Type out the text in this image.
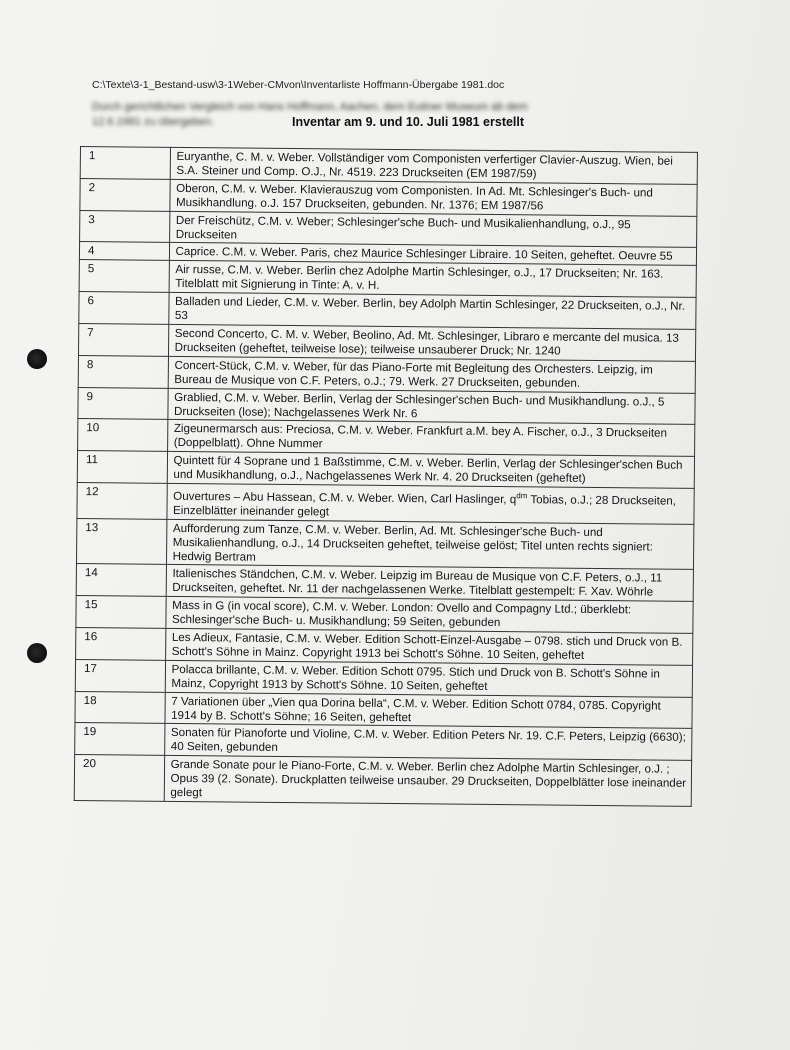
C:\Texte\3-1_Bestand-usw\3-1Weber-CMvon\Inventarliste Hoffmann-Übergabe 1981.doc
Durch gerichtlichen Vergleich von Hans Hoffmann, Aachen, dem Eutiner Museum ab dem 12.6.1981 zu übergeben.	Inventar am 9. und 10. Juli 1981 erstellt
1	Euryanthe, C. M. v. Weber. Vollständiger vom Componisten verfertiger Clavier-Auszug. Wien, bei S.A. Steiner und Comp. O.J., Nr. 4519. 223 Druckseiten (EM 1987/59)
2	Oberon, C.M. v. Weber. Klavierauszug vom Componisten. In Ad. Mt. Schlesinger's Buch- und Musikhandlung. o.J. 157 Druckseiten, gebunden. Nr. 1376; EM 1987/56
3	Der Freischütz, C.M. v. Weber; Schlesinger'sche Buch- und Musikalienhandlung, o.J., 95 Druckseiten
4	Caprice. C.M. v. Weber. Paris, chez Maurice Schlesinger Libraire. 10 Seiten, geheftet. Oeuvre 55
5	Air russe, C.M. v. Weber. Berlin chez Adolphe Martin Schlesinger, o.J., 17 Druckseiten; Nr. 163. Titelblatt mit Signierung in Tinte: A. v. H.
6	Balladen und Lieder, C.M. v. Weber. Berlin, bey Adolph Martin Schlesinger, 22 Druckseiten, o.J., Nr. 53
7	Second Concerto, C. M. v. Weber, Beolino, Ad. Mt. Schlesinger, Libraro e mercante del musica. 13 Druckseiten (geheftet, teilweise lose); teilweise unsauberer Druck; Nr. 1240
8	Concert-Stück, C.M. v. Weber, für das Piano-Forte mit Begleitung des Orchesters. Leipzig, im Bureau de Musique von C.F. Peters, o.J.; 79. Werk. 27 Druckseiten, gebunden.
9	Grablied, C.M. v. Weber. Berlin, Verlag der Schlesinger'schen Buch- und Musikhandlung. o.J., 5 Druckseiten (lose); Nachgelassenes Werk Nr. 6
10	Zigeunermarsch aus: Preciosa, C.M. v. Weber. Frankfurt a.M. bey A. Fischer, o.J., 3 Druckseiten (Doppelblatt). Ohne Nummer
11	Quintett für 4 Soprane und 1 Baßstimme, C.M. v. Weber. Berlin, Verlag der Schlesinger'schen Buch und Musikhandlung, o.J., Nachgelassenes Werk Nr. 4. 20 Druckseiten (geheftet)
12	Ouvertures – Abu Hassean, C.M. v. Weber. Wien, Carl Haslinger, $q^{dm}$ Tobias, o.J.; 28 Druckseiten, Einzelblätter ineinander gelegt
13	Aufforderung zum Tanze, C.M. v. Weber. Berlin, Ad. Mt. Schlesinger'sche Buch- und Musikalienhandlung, o.J., 14 Druckseiten geheftet, teilweise gelöst; Titel unten rechts signiert: Hedwig Bertram
14	Italienisches Ständchen, C.M. v. Weber. Leipzig im Bureau de Musique von C.F. Peters, o.J., 11 Druckseiten, geheftet. Nr. 11 der nachgelassenen Werke. Titelblatt gestempelt: F. Xav. Wöhrle
15	Mass in G (in vocal score), C.M. v. Weber. London: Ovello and Compagny Ltd.; überklebt: Schlesinger'sche Buch- u. Musikhandlung; 59 Seiten, gebunden
16	Les Adieux, Fantasie, C.M. v. Weber. Edition Schott-Einzel-Ausgabe – 0798. stich und Druck von B. Schott's Söhne in Mainz. Copyright 1913 bei Schott's Söhne. 10 Seiten, geheftet
17	Polacca brillante, C.M. v. Weber. Edition Schott 0795. Stich und Druck von B. Schott's Söhne in Mainz, Copyright 1913 by Schott's Söhne. 10 Seiten, geheftet
18	7 Variationen über „Vien qua Dorina bella“, C.M. v. Weber. Edition Schott 0784, 0785. Copyright 1914 by B. Schott's Söhne; 16 Seiten, geheftet
19	Sonaten für Pianoforte und Violine, C.M. v. Weber. Edition Peters Nr. 19. C.F. Peters, Leipzig (6630); 40 Seiten, gebunden
20	Grande Sonate pour le Piano-Forte, C.M. v. Weber. Berlin chez Adolphe Martin Schlesinger, o.J. ; Opus 39 (2. Sonate). Druckplatten teilweise unsauber. 29 Druckseiten, Doppelblätter lose ineinander gelegt
